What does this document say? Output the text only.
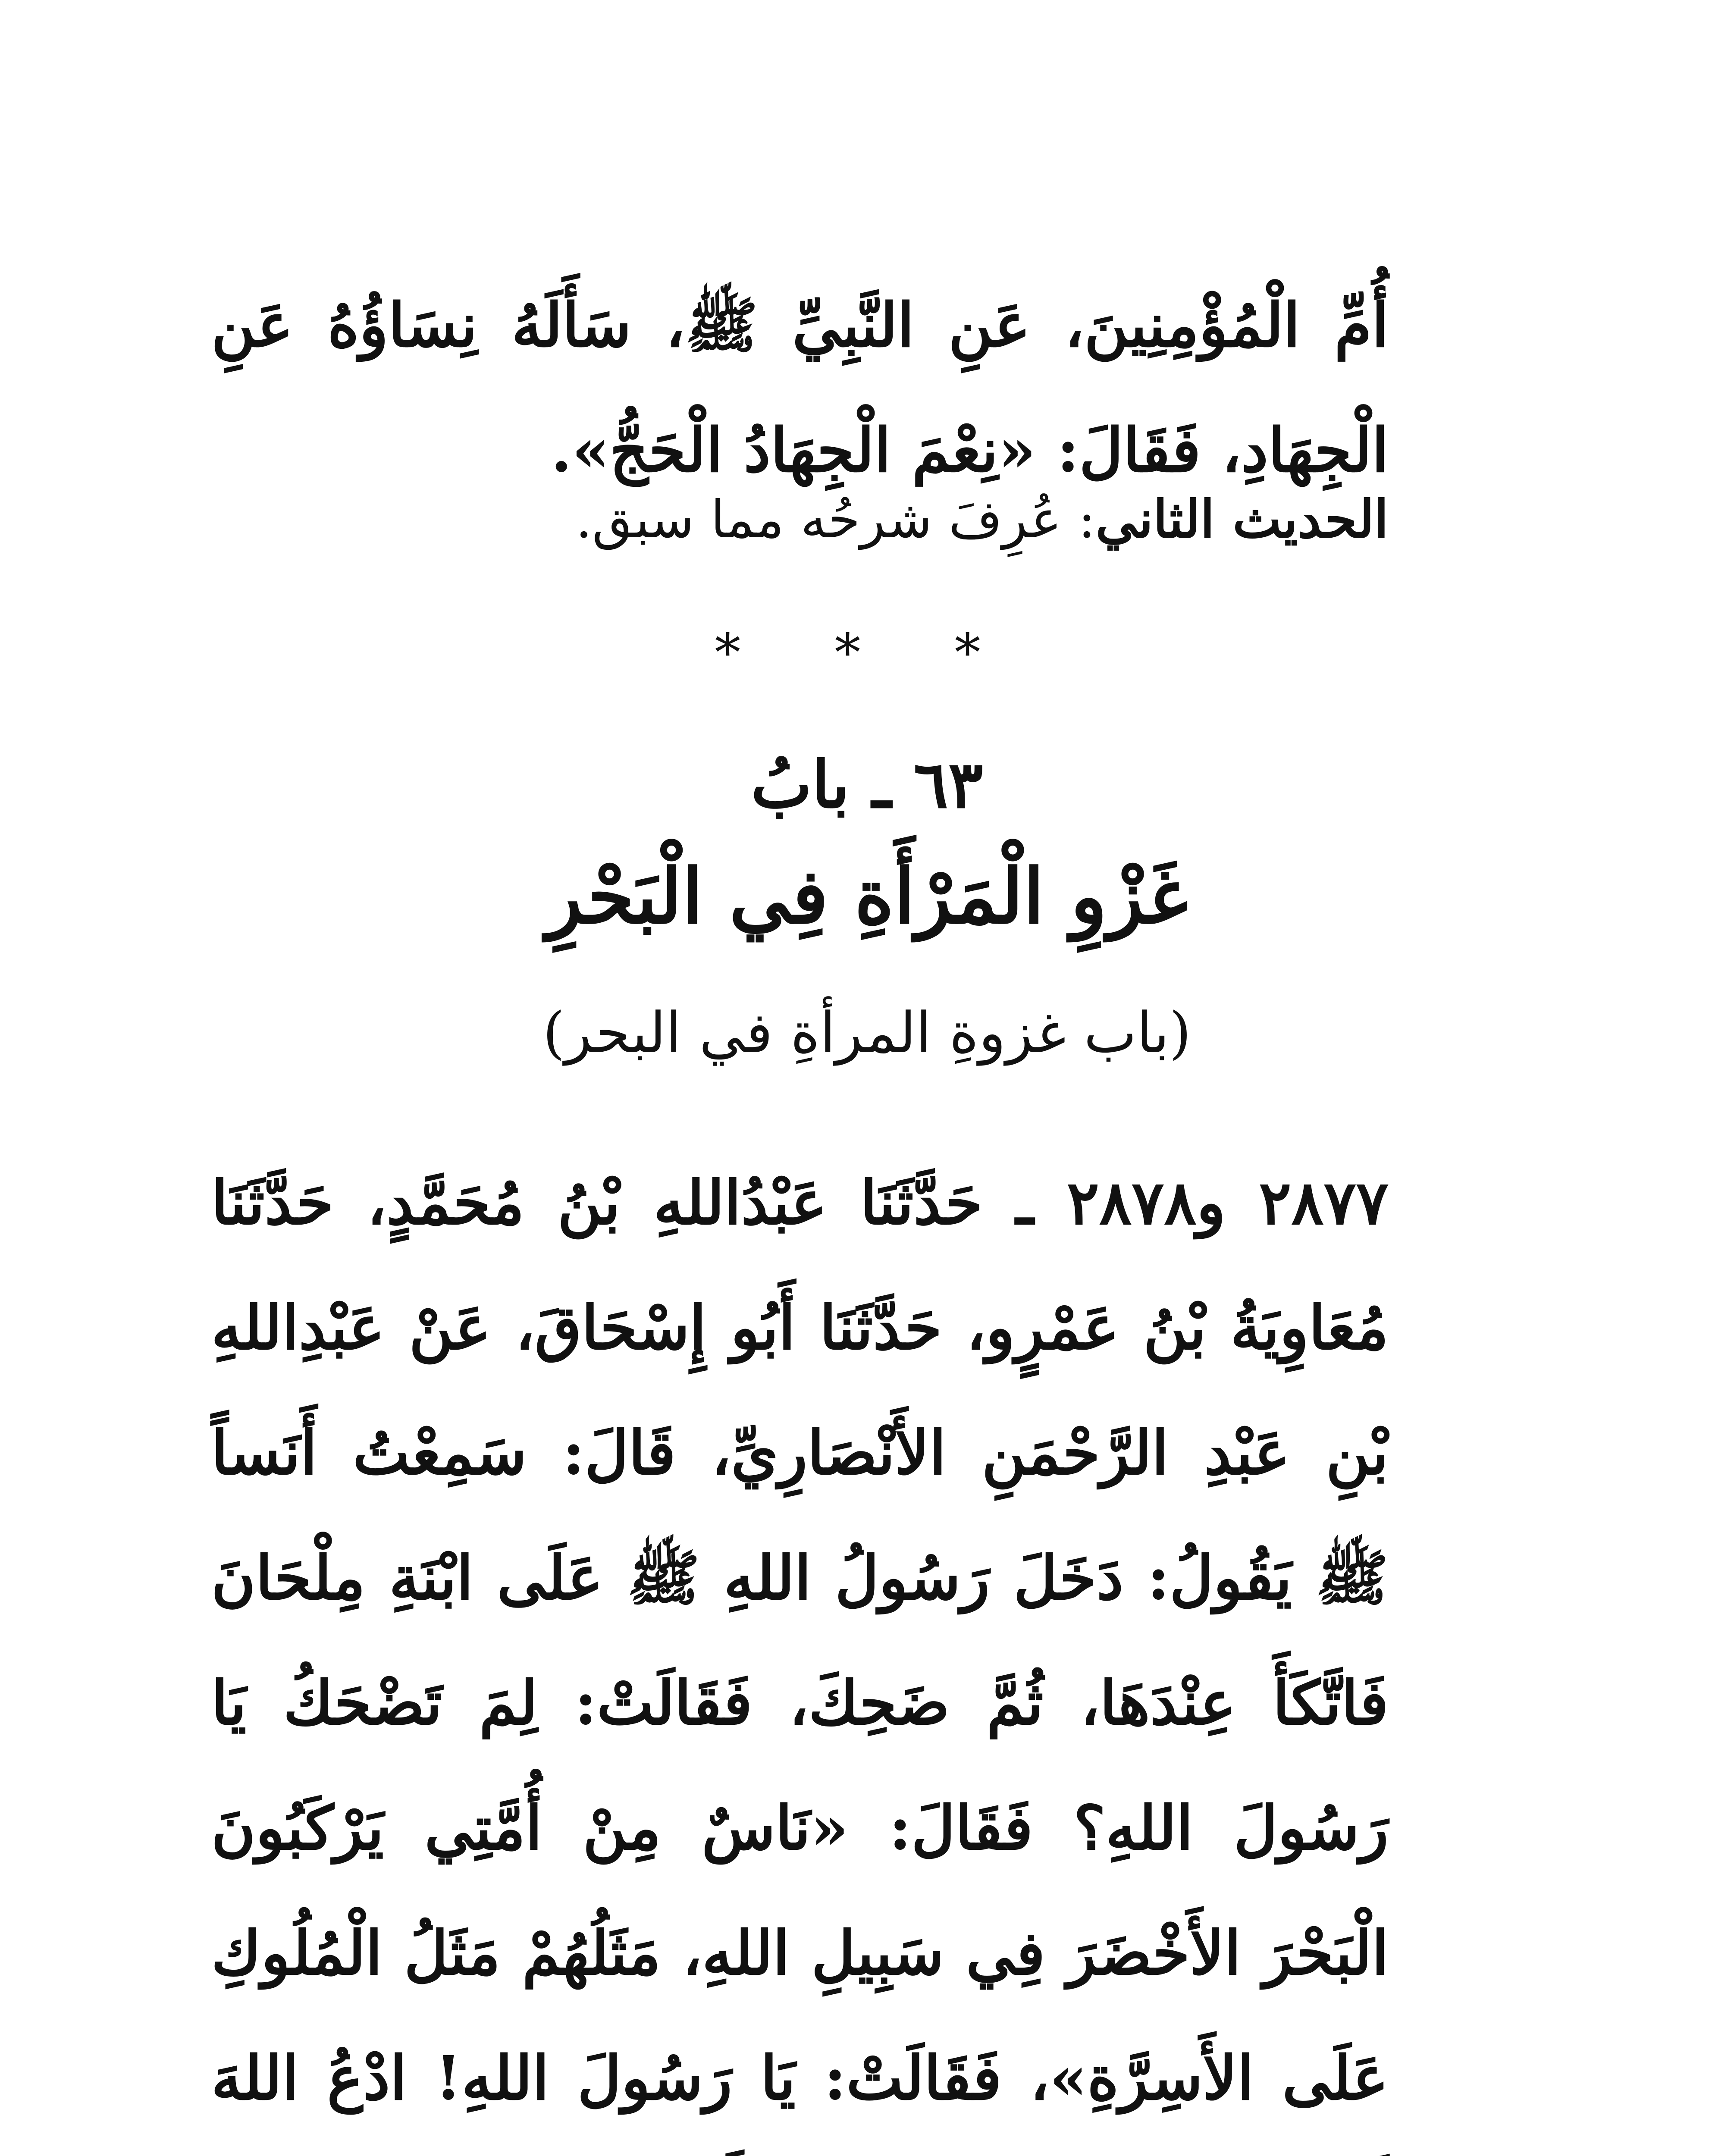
أُمِّ الْمُؤْمِنِينَ، عَنِ النَّبِيِّ ﷺ، سَأَلَهُ نِسَاؤُهُ عَنِ الْجِهَادِ، فَقَالَ: «نِعْمَ الْجِهَادُ الْحَجُّ».

الحديث الثاني: عُرِفَ شرحُه مما سبق.
* * *
٦٣ ـ بابُ
غَزْوِ الْمَرْأَةِ فِي الْبَحْرِ
(باب غزوةِ المرأةِ في البحر)

٢٨٧٧ و٢٨٧٨ ـ حَدَّثَنَا عَبْدُاللهِ بْنُ مُحَمَّدٍ، حَدَّثَنَا مُعَاوِيَةُ بْنُ عَمْرٍو، حَدَّثَنَا أَبُو إِسْحَاقَ، عَنْ عَبْدِاللهِ بْنِ عَبْدِ الرَّحْمَنِ الأَنْصَارِيِّ، قَالَ: سَمِعْتُ أَنَساً ﷺ يَقُولُ: دَخَلَ رَسُولُ اللهِ ﷺ عَلَى ابْنَةِ مِلْحَانَ فَاتَّكَأَ عِنْدَهَا، ثُمَّ ضَحِكَ، فَقَالَتْ: لِمَ تَضْحَكُ يَا رَسُولَ اللهِ؟ فَقَالَ: «نَاسٌ مِنْ أُمَّتِي يَرْكَبُونَ الْبَحْرَ الأَخْضَرَ فِي سَبِيلِ اللهِ، مَثَلُهُمْ مَثَلُ الْمُلُوكِ عَلَى الأَسِرَّةِ»، فَقَالَتْ: يَا رَسُولَ اللهِ! ادْعُ اللهَ
